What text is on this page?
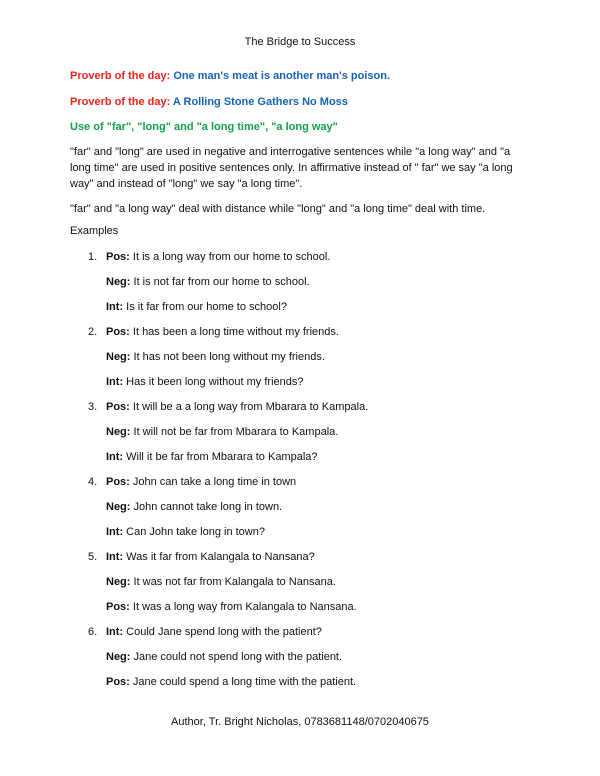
The Bridge to Success
Proverb of the day: One man's meat is another man's poison.
Proverb of the day: A Rolling Stone Gathers No Moss
Use of "far", "long" and "a long time", "a long way"

"far" and "long" are used in negative and interrogative sentences while "a long way" and "a long time" are used in positive sentences only. In affirmative instead of " far" we say "a long way" and instead of "long" we say "a long time".

"far" and "a long way" deal with distance while "long" and "a long time" deal with time.

Examples
1. Pos: It is a long way from our home to school.
Neg: It is not far from our home to school.
Int: Is it far from our home to school?
2. Pos: It has been a long time without my friends.
Neg: It has not been long without my friends.
Int: Has it been long without my friends?
3. Pos: It will be a a long way from Mbarara to Kampala.
Neg: It will not be far from Mbarara to Kampala.
Int: Will it be far from Mbarara to Kampala?
4. Pos: John can take a long time in town
Neg: John cannot take long in town.
Int: Can John take long in town?
5. Int: Was it far from Kalangala to Nansana?
Neg: It was not far from Kalangala to Nansana.
Pos: It was a long way from Kalangala to Nansana.
6. Int: Could Jane spend long with the patient?
Neg: Jane could not spend long with the patient.
Pos: Jane could spend a long time with the patient.
Author, Tr. Bright Nicholas, 0783681148/0702040675
